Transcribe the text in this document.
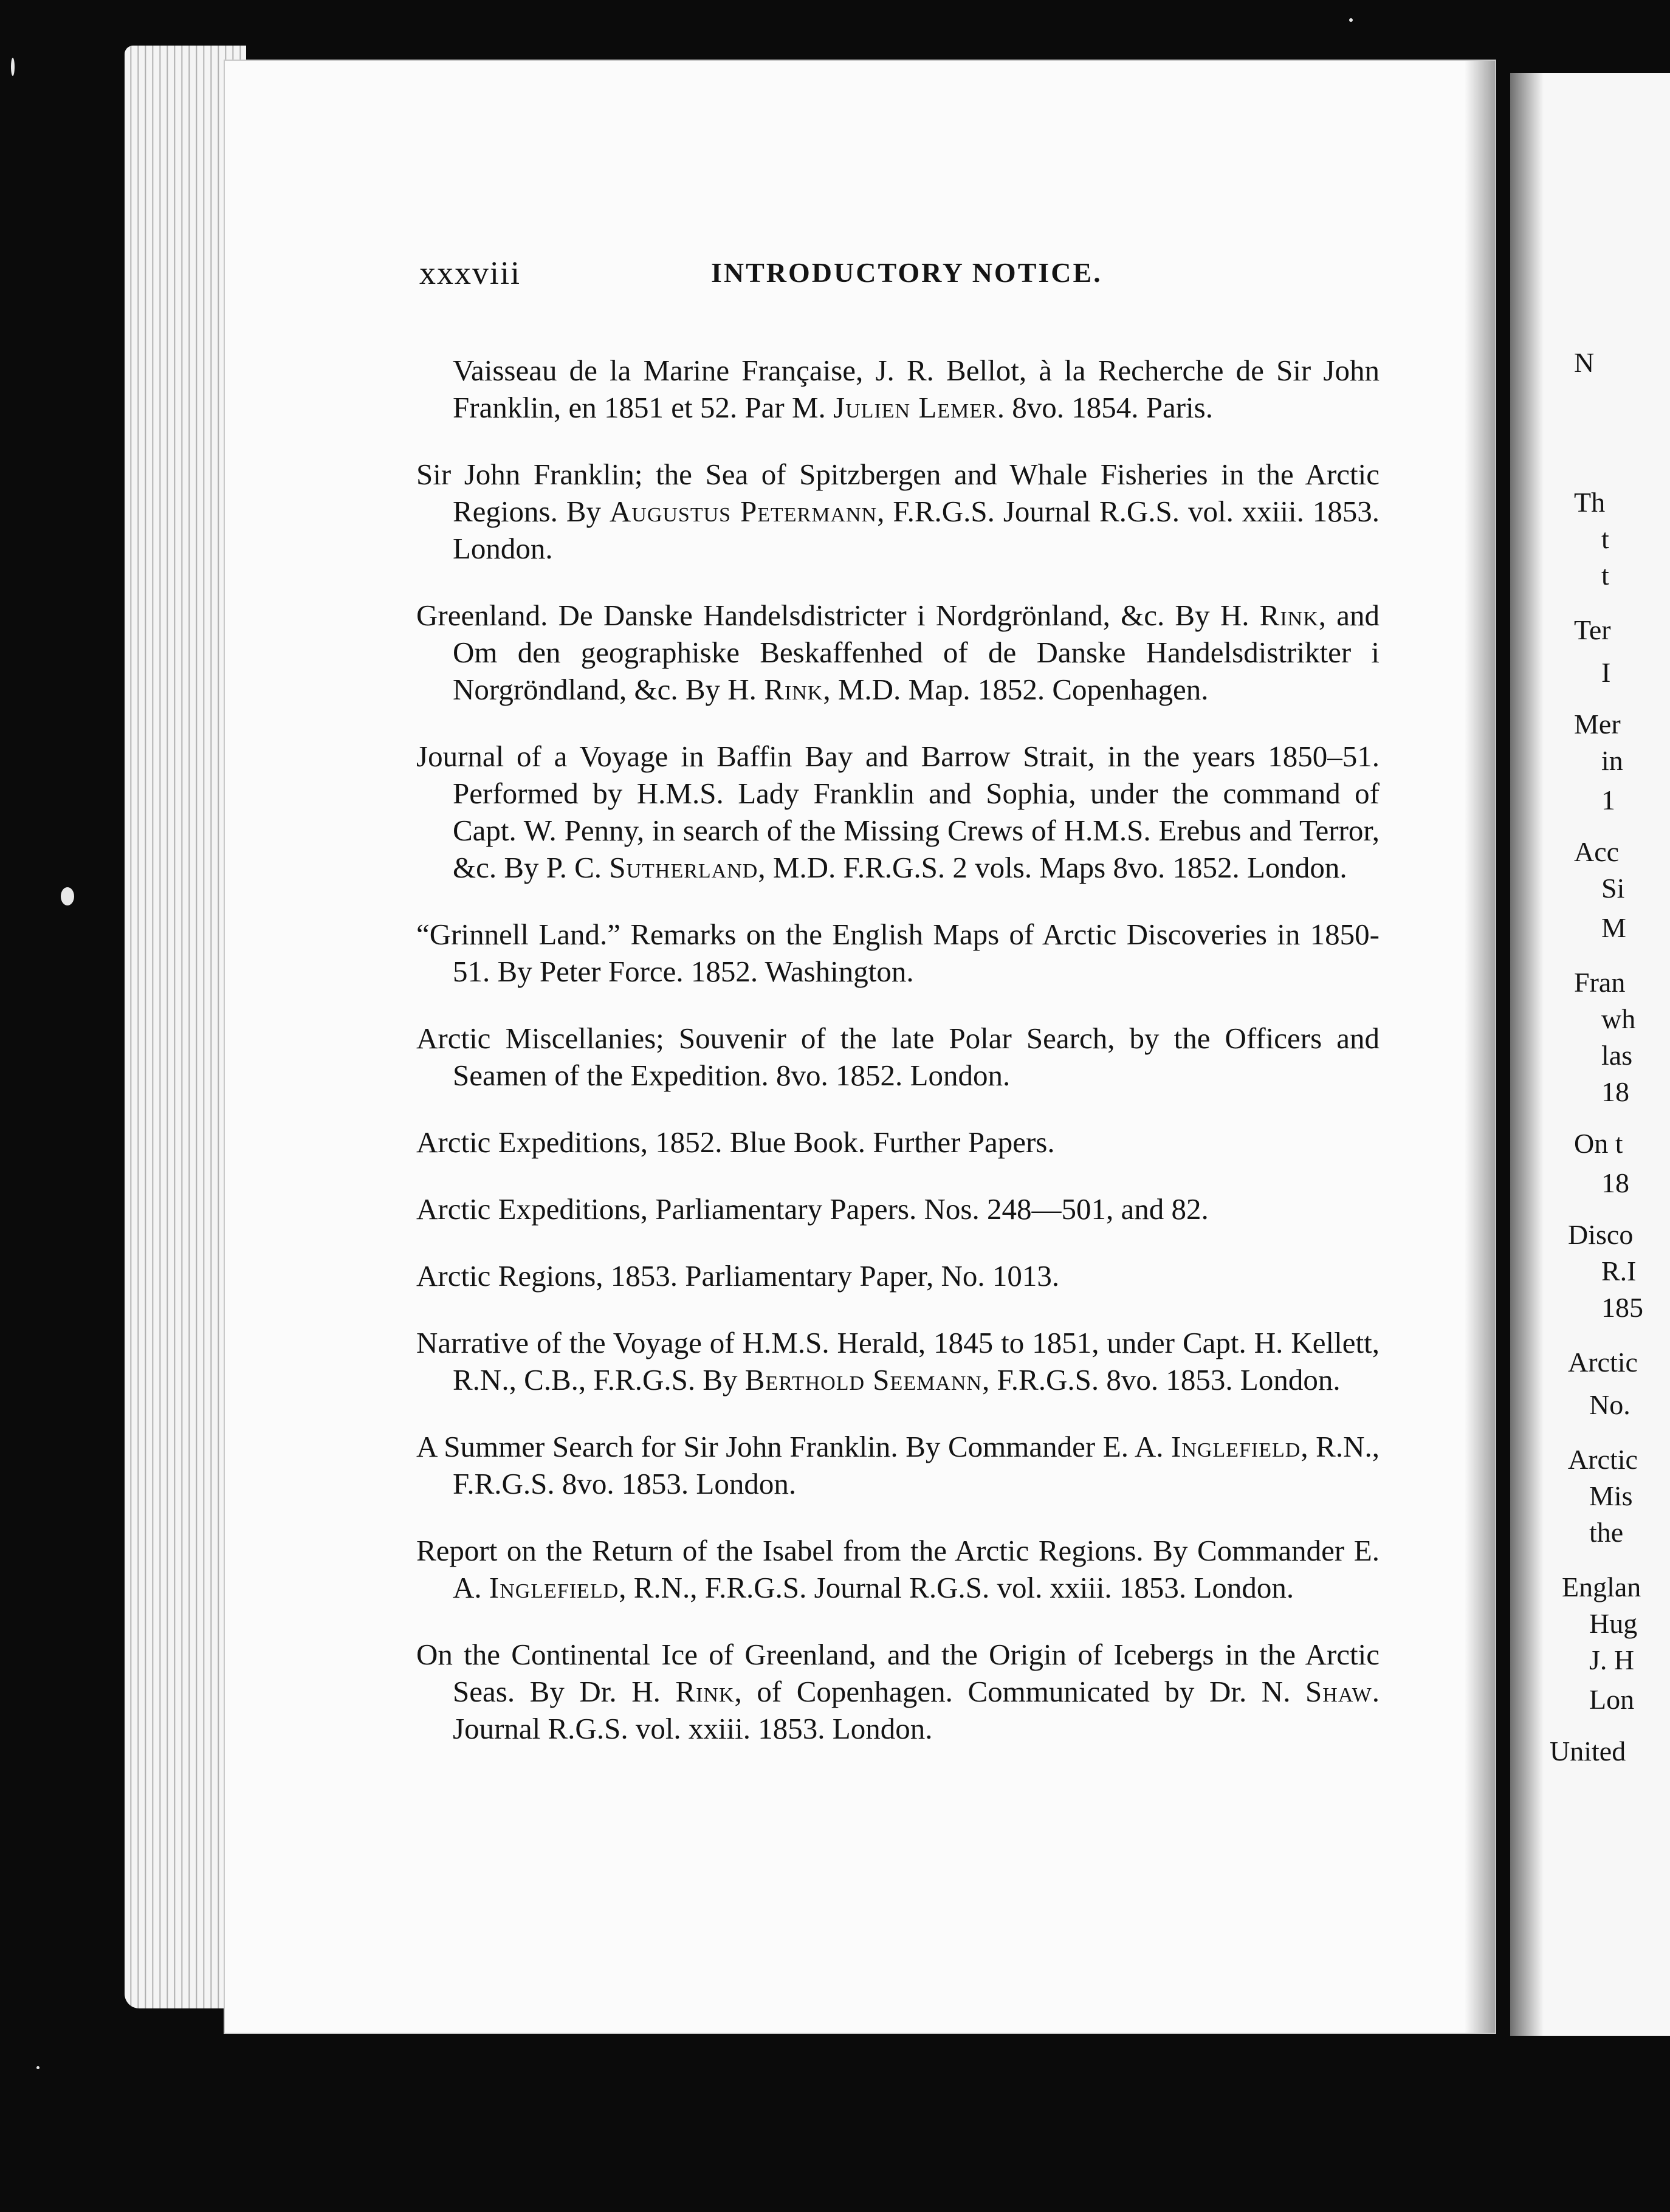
N
Th
t
t
Ter
I
Mer
in
1
Acc
Si
M
Fran
wh
las
18
On t
18
Disco
R.I
185
Arctic
No.
Arctic
Mis
the
Englan
Hug
J. H
Lon
United
xxxviii	INTRODUCTORY NOTICE.

Vaisseau de la Marine Française, J. R. Bellot, à la Recherche de Sir John Franklin, en 1851 et 52. Par M. Julien Lemer. 8vo. 1854. Paris.

Sir John Franklin; the Sea of Spitzbergen and Whale Fisheries in the Arctic Regions. By Augustus Petermann, F.R.G.S. Journal R.G.S. vol. xxiii. 1853. London.

Greenland. De Danske Handelsdistricter i Nordgrönland, &c. By H. Rink, and Om den geographiske Beskaffenhed of de Danske Handelsdistrikter i Norgröndland, &c. By H. Rink, M.D. Map. 1852. Copenhagen.

Journal of a Voyage in Baffin Bay and Barrow Strait, in the years 1850–51. Performed by H.M.S. Lady Franklin and Sophia, under the command of Capt. W. Penny, in search of the Missing Crews of H.M.S. Erebus and Terror, &c. By P. C. Sutherland, M.D. F.R.G.S. 2 vols. Maps 8vo. 1852. London.

“Grinnell Land.” Remarks on the English Maps of Arctic Discoveries in 1850-51. By Peter Force. 1852. Washington.

Arctic Miscellanies; Souvenir of the late Polar Search, by the Officers and Seamen of the Expedition. 8vo. 1852. London.

Arctic Expeditions, 1852. Blue Book. Further Papers.

Arctic Expeditions, Parliamentary Papers. Nos. 248—501, and 82.

Arctic Regions, 1853. Parliamentary Paper, No. 1013.

Narrative of the Voyage of H.M.S. Herald, 1845 to 1851, under Capt. H. Kellett, R.N., C.B., F.R.G.S. By Berthold Seemann, F.R.G.S. 8vo. 1853. London.

A Summer Search for Sir John Franklin. By Commander E. A. Inglefield, R.N., F.R.G.S. 8vo. 1853. London.

Report on the Return of the Isabel from the Arctic Regions. By Commander E. A. Inglefield, R.N., F.R.G.S. Journal R.G.S. vol. xxiii. 1853. London.

On the Continental Ice of Greenland, and the Origin of Icebergs in the Arctic Seas. By Dr. H. Rink, of Copenhagen. Communicated by Dr. N. Shaw. Journal R.G.S. vol. xxiii. 1853. London.
